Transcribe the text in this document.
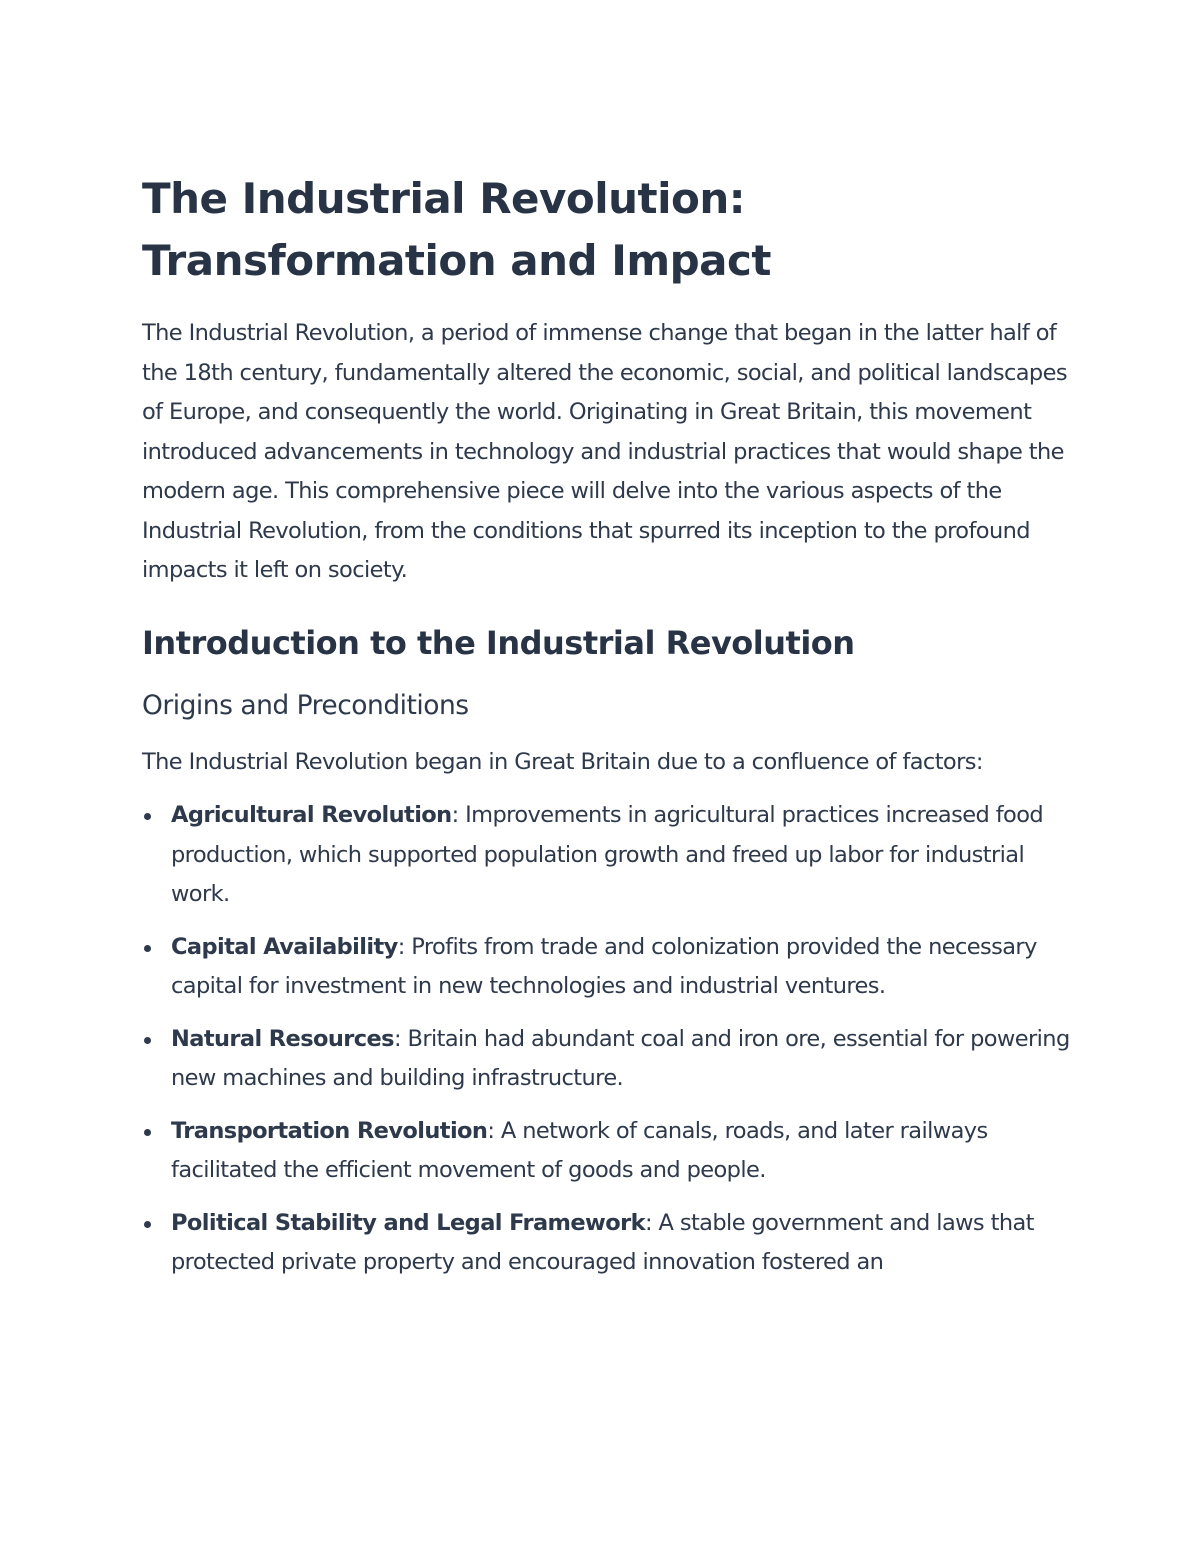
The Industrial Revolution: Transformation and Impact

The Industrial Revolution, a period of immense change that began in the latter half of the 18th century, fundamentally altered the economic, social, and political landscapes of Europe, and consequently the world. Originating in Great Britain, this movement introduced advancements in technology and industrial practices that would shape the modern age. This comprehensive piece will delve into the various aspects of the Industrial Revolution, from the conditions that spurred its inception to the profound impacts it left on society.

Introduction to the Industrial Revolution
Origins and Preconditions

The Industrial Revolution began in Great Britain due to a confluence of factors:

Agricultural Revolution: Improvements in agricultural practices increased food production, which supported population growth and freed up labor for industrial work.
Capital Availability: Profits from trade and colonization provided the necessary capital for investment in new technologies and industrial ventures.
Natural Resources: Britain had abundant coal and iron ore, essential for powering new machines and building infrastructure.
Transportation Revolution: A network of canals, roads, and later railways facilitated the efficient movement of goods and people.
Political Stability and Legal Framework: A stable government and laws that protected private property and encouraged innovation fostered an
